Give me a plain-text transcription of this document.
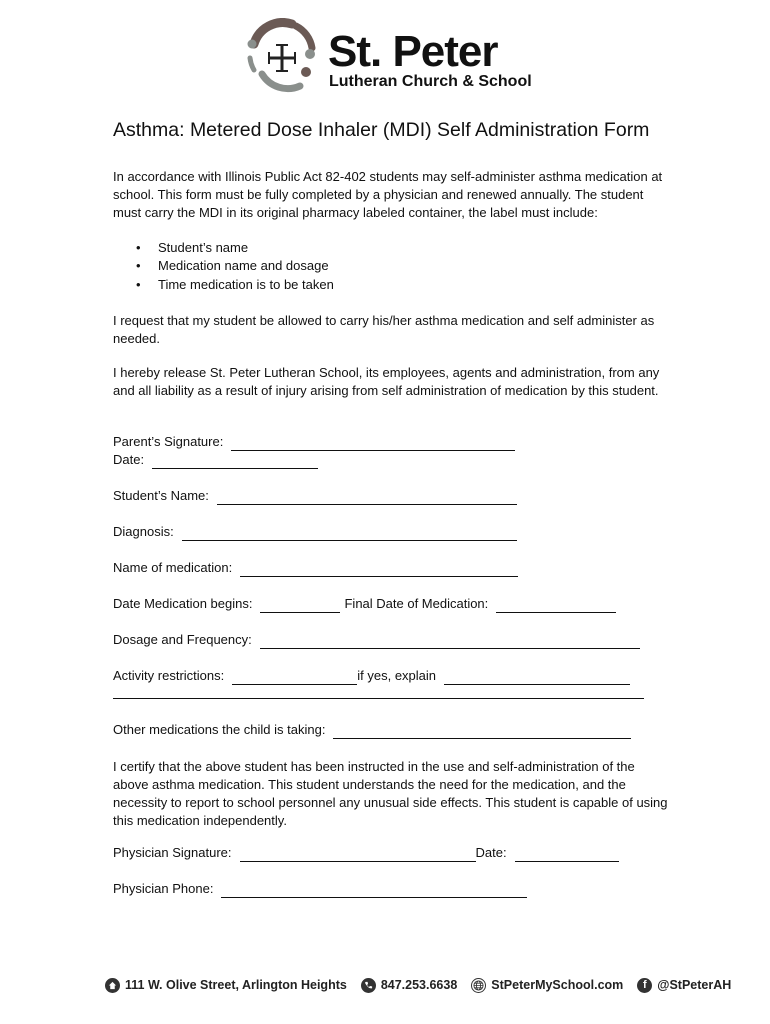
St. Peter
Lutheran Church & School
Asthma: Metered Dose Inhaler (MDI) Self Administration Form

In accordance with Illinois Public Act 82-402 students may self-administer asthma medication at school. This form must be fully completed by a physician and renewed annually. The student must carry the MDI in its original pharmacy labeled container, the label must include:

• Student’s name
• Medication name and dosage
• Time medication is to be taken

I request that my student be allowed to carry his/her asthma medication and self administer as needed.

I hereby release St. Peter Lutheran School, its employees, agents and administration, from any and all liability as a result of injury arising from self administration of medication by this student.

Parent’s Signature:
Date:
Student’s Name:
Diagnosis:
Name of medication:
Date Medication begins:	Final Date of Medication:
Dosage and Frequency:
Activity restrictions:	if yes, explain
Other medications the child is taking:

I certify that the above student has been instructed in the use and self-administration of the above asthma medication. This student understands the need for the medication, and the necessity to report to school personnel any unusual side effects. This student is capable of using this medication independently.

Physician Signature:	Date:
Physician Phone:
111 W. Olive Street, Arlington Heights	847.253.6638	StPeterMySchool.com f @StPeterAH
